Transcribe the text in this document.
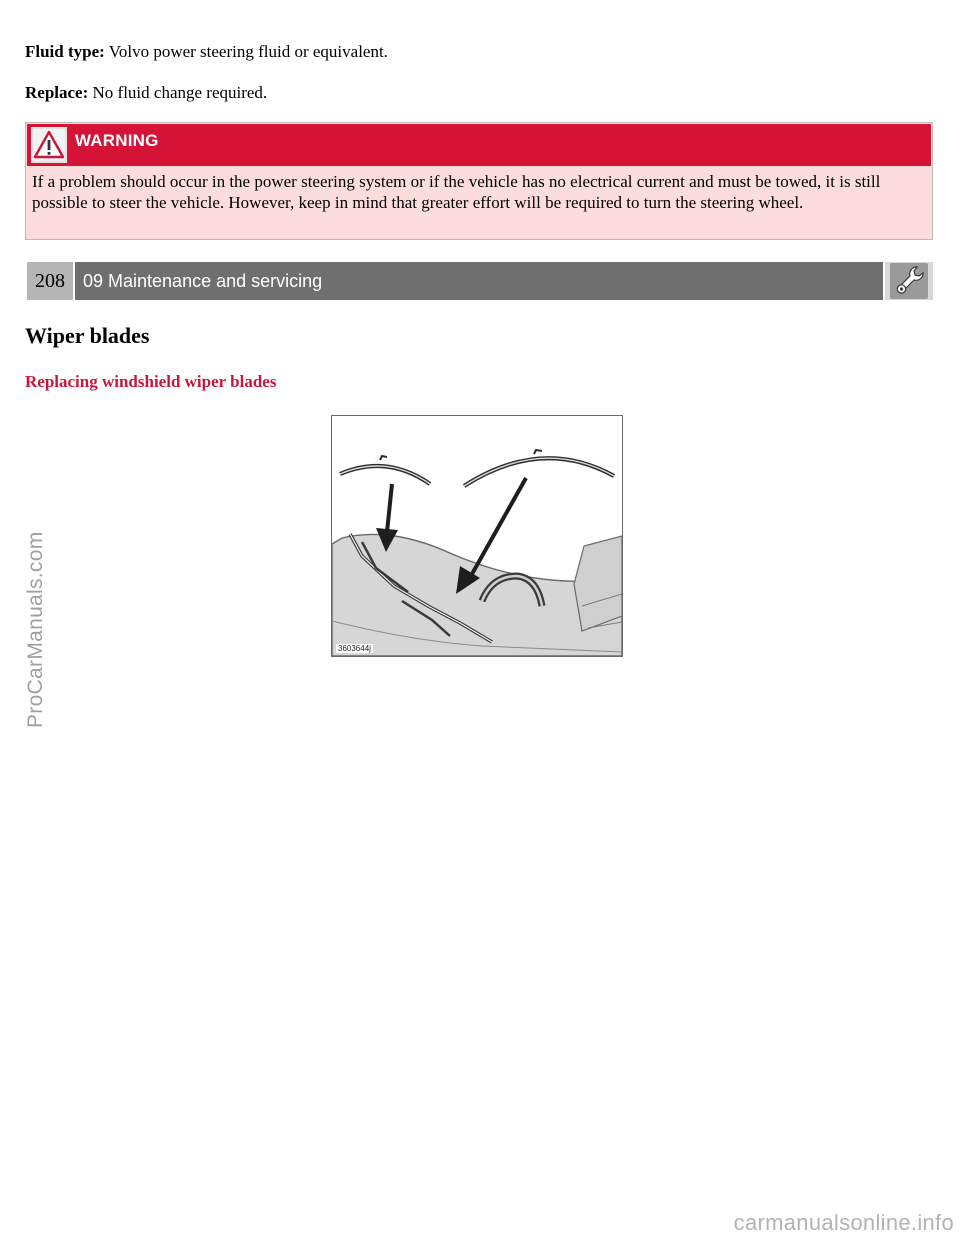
Fluid type: Volvo power steering fluid or equivalent.

Replace: No fluid change required.

WARNING

If a problem should occur in the power steering system or if the vehicle has no electrical current and must be towed, it is still possible to steer the vehicle. However, keep in mind that greater effort will be required to turn the steering wheel.

208	09 Maintenance and servicing
Wiper blades
Replacing windshield wiper blades
3603644j
ProCarManuals.com
carmanualsonline.info
